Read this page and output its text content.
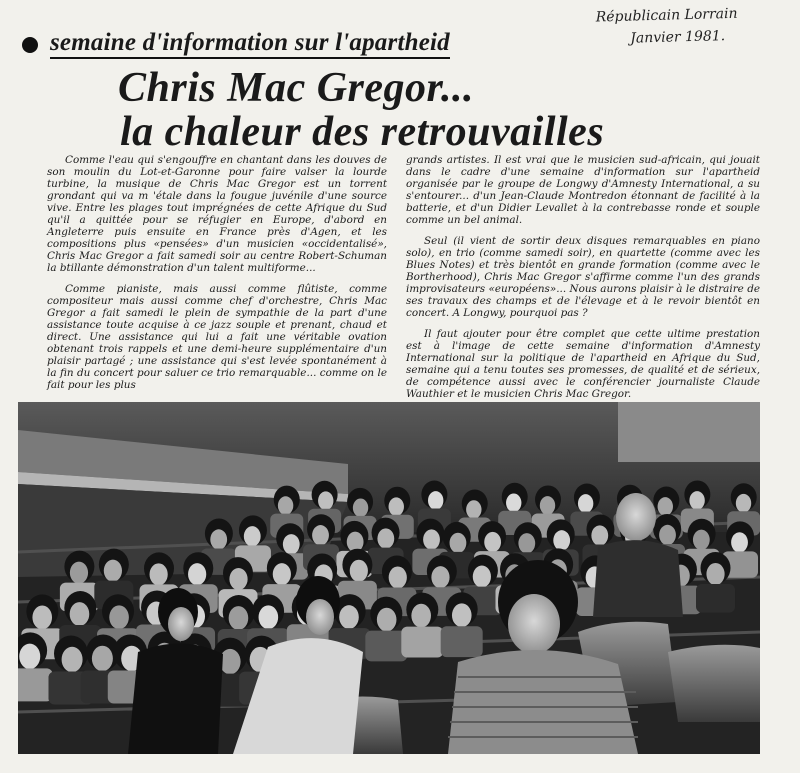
Républicain Lorrain
Janvier 1981.
semaine d'information sur l'apartheid
Chris Mac Gregor...
la chaleur des retrouvailles

Comme l'eau qui s'engouffre en chantant dans les douves de son moulin du Lot-et-Garonne pour faire valser la lourde turbine, la musique de Chris Mac Gregor est un torrent grondant qui va m 'étale dans la fougue juvénile d'une source vive. Entre les plages tout imprégnées de cette Afrique du Sud qu'il a quittée pour se réfugier en Europe, d'abord en Angleterre puis ensuite en France près d'Agen, et les compositions plus «pensées» d'un musicien «occidentalisé», Chris Mac Gregor a fait samedi soir au centre Robert-Schuman la btillante démonstration d'un talent multiforme...

Comme pianiste, mais aussi comme flûtiste, comme compositeur mais aussi comme chef d'orchestre, Chris Mac Gregor a fait samedi le plein de sympathie de la part d'une assistance toute acquise à ce jazz souple et prenant, chaud et direct. Une assistance qui lui a fait une véritable ovation obtenant trois rappels et une demi-heure supplémentaire d'un plaisir partagé ; une assistance qui s'est levée spontanément à la fin du concert pour saluer ce trio remarquable... comme on le fait pour les plus

grands artistes. Il est vrai que le musicien sud-africain, qui jouait dans le cadre d'une semaine d'information sur l'apartheid organisée par le groupe de Longwy d'Amnesty International, a su s'entourer... d'un Jean-Claude Montredon étonnant de facilité à la batterie, et d'un Didier Levallet à la contrebasse ronde et souple comme un bel animal.

Seul (il vient de sortir deux disques remarquables en piano solo), en trio (comme samedi soir), en quartette (comme avec les Blues Notes) et très bientôt en grande formation (comme avec le Bortherhood), Chris Mac Gregor s'affirme comme l'un des grands improvisateurs «européens»... Nous aurons plaisir à le distraire de ses travaux des champs et de l'élevage et à le revoir bientôt en concert. A Longwy, pourquoi pas ?

Il faut ajouter pour être complet que cette ultime prestation est à l'image de cette semaine d'information d'Amnesty International sur la politique de l'apartheid en Afrique du Sud, semaine qui a tenu toutes ses promesses, de qualité et de sérieux, de compétence aussi avec le conférencier journaliste Claude Wauthier et le musicien Chris Mac Gregor.
